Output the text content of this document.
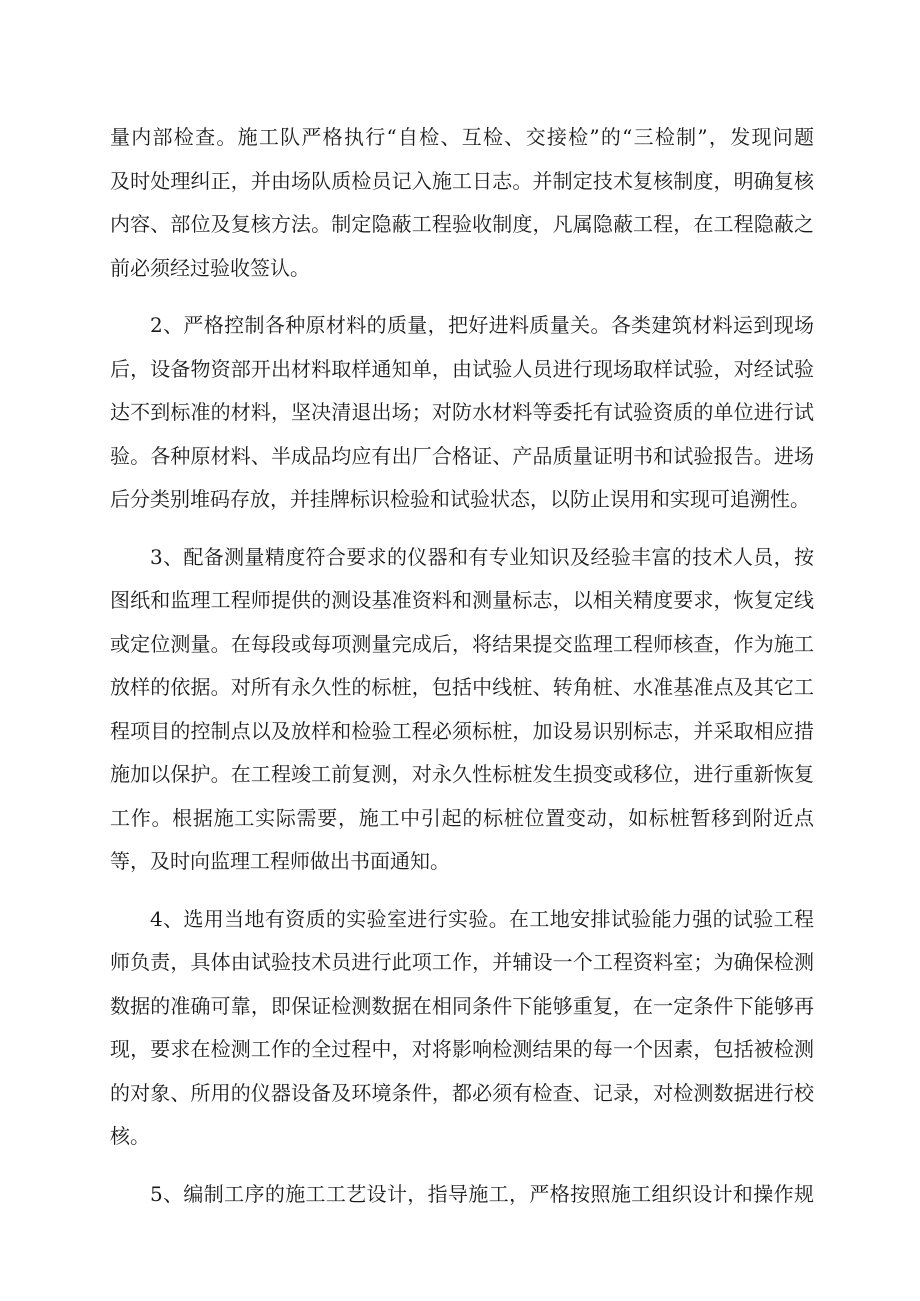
量内部检查。施工队严格执行“自检、互检、交接检”的“三检制”，发现问题
及时处理纠正，并由场队质检员记入施工日志。并制定技术复核制度，明确复核
内容、部位及复核方法。制定隐蔽工程验收制度，凡属隐蔽工程，在工程隐蔽之
前必须经过验收签认。
2、严格控制各种原材料的质量，把好进料质量关。各类建筑材料运到现场
后，设备物资部开出材料取样通知单，由试验人员进行现场取样试验，对经试验
达不到标准的材料，坚决清退出场；对防水材料等委托有试验资质的单位进行试
验。各种原材料、半成品均应有出厂合格证、产品质量证明书和试验报告。进场
后分类别堆码存放，并挂牌标识检验和试验状态，以防止误用和实现可追溯性。
3、配备测量精度符合要求的仪器和有专业知识及经验丰富的技术人员，按
图纸和监理工程师提供的测设基准资料和测量标志，以相关精度要求，恢复定线
或定位测量。在每段或每项测量完成后，将结果提交监理工程师核查，作为施工
放样的依据。对所有永久性的标桩，包括中线桩、转角桩、水准基准点及其它工
程项目的控制点以及放样和检验工程必须标桩，加设易识别标志，并采取相应措
施加以保护。在工程竣工前复测，对永久性标桩发生损变或移位，进行重新恢复
工作。根据施工实际需要，施工中引起的标桩位置变动，如标桩暂移到附近点
等，及时向监理工程师做出书面通知。
4、选用当地有资质的实验室进行实验。在工地安排试验能力强的试验工程
师负责，具体由试验技术员进行此项工作，并辅设一个工程资料室；为确保检测
数据的准确可靠，即保证检测数据在相同条件下能够重复，在一定条件下能够再
现，要求在检测工作的全过程中，对将影响检测结果的每一个因素，包括被检测
的对象、所用的仪器设备及环境条件，都必须有检查、记录，对检测数据进行校
核。
5、编制工序的施工工艺设计，指导施工，严格按照施工组织设计和操作规
